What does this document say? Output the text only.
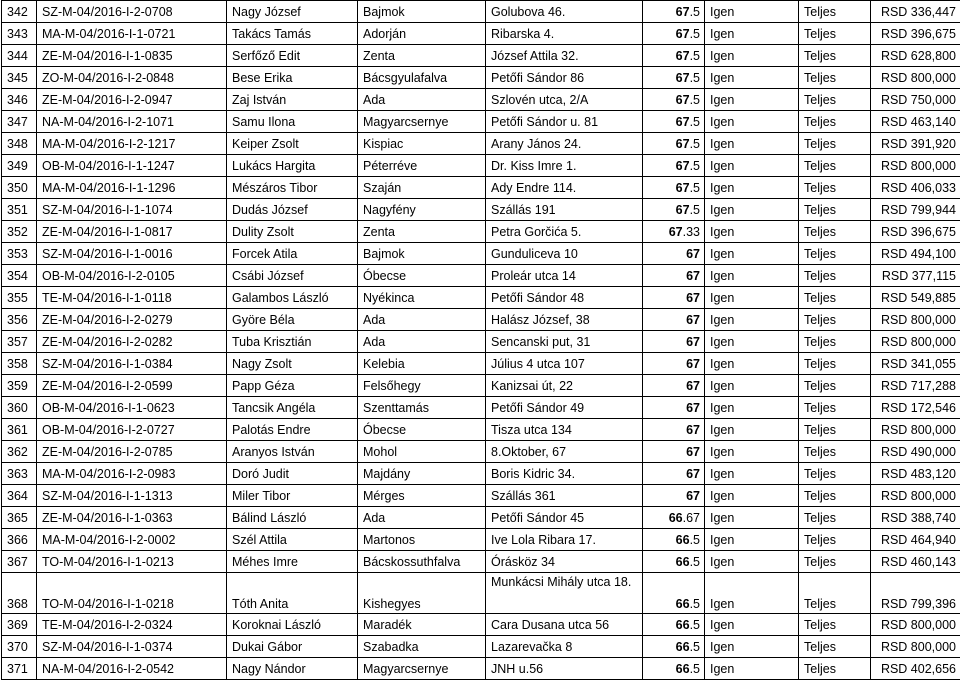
342	SZ-M-04/2016-I-2-0708	Nagy József	Bajmok	Golubova 46.	67.5	Igen	Teljes	RSD 336,447
343	MA-M-04/2016-I-1-0721	Takács Tamás	Adorján	Ribarska 4.	67.5	Igen	Teljes	RSD 396,675
344	ZE-M-04/2016-I-1-0835	Serfőző Edit	Zenta	József Attila 32.	67.5	Igen	Teljes	RSD 628,800
345	ZO-M-04/2016-I-2-0848	Bese Erika	Bácsgyulafalva	Petőfi Sándor 86	67.5	Igen	Teljes	RSD 800,000
346	ZE-M-04/2016-I-2-0947	Zaj István	Ada	Szlovén utca, 2/A	67.5	Igen	Teljes	RSD 750,000
347	NA-M-04/2016-I-2-1071	Samu Ilona	Magyarcsernye	Petőfi Sándor u. 81	67.5	Igen	Teljes	RSD 463,140
348	MA-M-04/2016-I-2-1217	Keiper Zsolt	Kispiac	Arany János 24.	67.5	Igen	Teljes	RSD 391,920
349	OB-M-04/2016-I-1-1247	Lukács Hargita	Péterréve	Dr. Kiss Imre 1.	67.5	Igen	Teljes	RSD 800,000
350	MA-M-04/2016-I-1-1296	Mészáros Tibor	Szaján	Ady Endre 114.	67.5	Igen	Teljes	RSD 406,033
351	SZ-M-04/2016-I-1-1074	Dudás József	Nagyfény	Szállás 191	67.5	Igen	Teljes	RSD 799,944
352	ZE-M-04/2016-I-1-0817	Dulity Zsolt	Zenta	Petra Gorčića 5.	67.33	Igen	Teljes	RSD 396,675
353	SZ-M-04/2016-I-1-0016	Forcek Atila	Bajmok	Gunduliceva 10	67	Igen	Teljes	RSD 494,100
354	OB-M-04/2016-I-2-0105	Csábi József	Óbecse	Proleár utca 14	67	Igen	Teljes	RSD 377,115
355	TE-M-04/2016-I-1-0118	Galambos László	Nyékinca	Petőfi Sándor 48	67	Igen	Teljes	RSD 549,885
356	ZE-M-04/2016-I-2-0279	Györe Béla	Ada	Halász József, 38	67	Igen	Teljes	RSD 800,000
357	ZE-M-04/2016-I-2-0282	Tuba Krisztián	Ada	Sencanski put, 31	67	Igen	Teljes	RSD 800,000
358	SZ-M-04/2016-I-1-0384	Nagy Zsolt	Kelebia	Július 4 utca 107	67	Igen	Teljes	RSD 341,055
359	ZE-M-04/2016-I-2-0599	Papp Géza	Felsőhegy	Kanizsai út, 22	67	Igen	Teljes	RSD 717,288
360	OB-M-04/2016-I-1-0623	Tancsik Angéla	Szenttamás	Petőfi Sándor 49	67	Igen	Teljes	RSD 172,546
361	OB-M-04/2016-I-2-0727	Palotás Endre	Óbecse	Tisza utca 134	67	Igen	Teljes	RSD 800,000
362	ZE-M-04/2016-I-2-0785	Aranyos István	Mohol	8.Oktober, 67	67	Igen	Teljes	RSD 490,000
363	MA-M-04/2016-I-2-0983	Doró Judit	Majdány	Boris Kidric 34.	67	Igen	Teljes	RSD 483,120
364	SZ-M-04/2016-I-1-1313	Miler Tibor	Mérges	Szállás 361	67	Igen	Teljes	RSD 800,000
365	ZE-M-04/2016-I-1-0363	Bálind László	Ada	Petőfi Sándor 45	66.67	Igen	Teljes	RSD 388,740
366	MA-M-04/2016-I-2-0002	Szél Attila	Martonos	Ive Lola Ribara 17.	66.5	Igen	Teljes	RSD 464,940
367	TO-M-04/2016-I-1-0213	Méhes Imre	Bácskossuthfalva	Órásköz 34	66.5	Igen	Teljes	RSD 460,143
368	TO-M-04/2016-I-1-0218	Tóth Anita	Kishegyes	Munkácsi Mihály utca 18.	66.5	Igen	Teljes	RSD 799,396
369	TE-M-04/2016-I-2-0324	Koroknai László	Maradék	Cara Dusana utca 56	66.5	Igen	Teljes	RSD 800,000
370	SZ-M-04/2016-I-1-0374	Dukai Gábor	Szabadka	Lazarevačka 8	66.5	Igen	Teljes	RSD 800,000
371	NA-M-04/2016-I-2-0542	Nagy Nándor	Magyarcsernye	JNH u.56	66.5	Igen	Teljes	RSD 402,656
